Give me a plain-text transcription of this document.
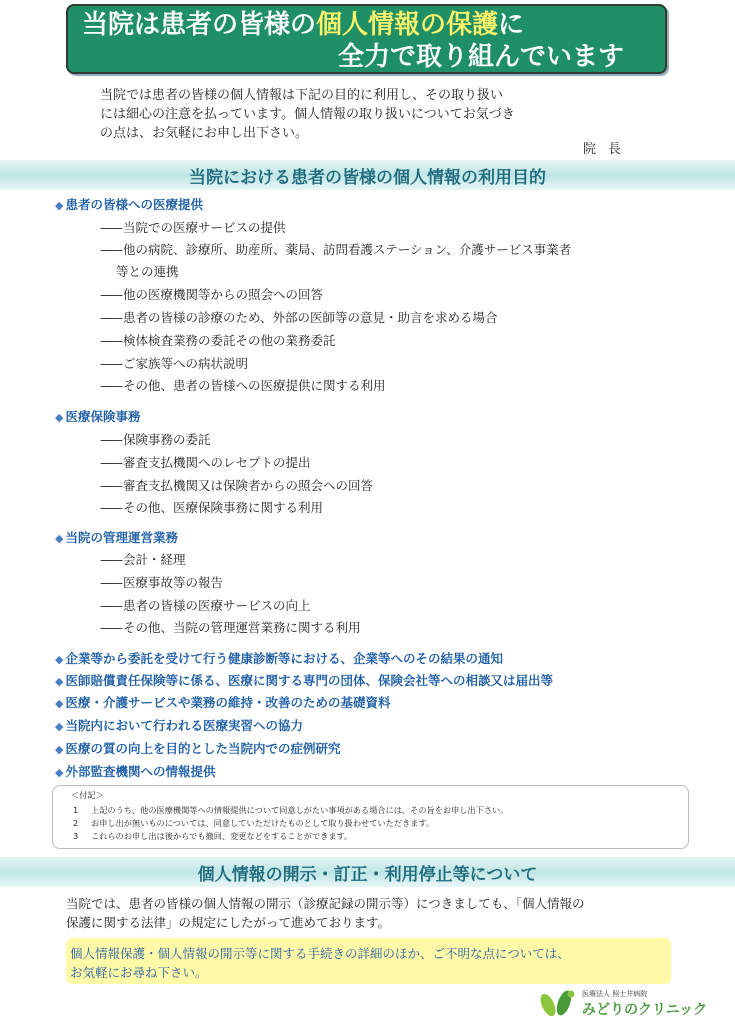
当院は患者の皆様の個人情報の保護に
全力で取り組んでいます

当院では患者の皆様の個人情報は下記の目的に利用し、その取り扱い

には細心の注意を払っています。個人情報の取り扱いについてお気づき

の点は、お気軽にお申し出下さい。

院長
当院における患者の皆様の個人情報の利用目的
◆ 患者の皆様への医療提供
—— 当院での医療サービスの提供
—— 他の病院、診療所、助産所、薬局、訪問看護ステーション、介護サービス事業者
等との連携
—— 他の医療機関等からの照会への回答
—— 患者の皆様の診療のため、外部の医師等の意見・助言を求める場合
—— 検体検査業務の委託その他の業務委託
—— ご家族等への病状説明
—— その他、患者の皆様への医療提供に関する利用
◆ 医療保険事務
—— 保険事務の委託
—— 審査支払機関へのレセプトの提出
—— 審査支払機関又は保険者からの照会への回答
—— その他、医療保険事務に関する利用
◆ 当院の管理運営業務
—— 会計・経理
—— 医療事故等の報告
—— 患者の皆様の医療サービスの向上
—— その他、当院の管理運営業務に関する利用
◆ 企業等から委託を受けて行う健康診断等における、企業等へのその結果の通知
◆ 医師賠償責任保険等に係る、医療に関する専門の団体、保険会社等への相談又は届出等
◆ 医療・介護サービスや業務の維持・改善のための基礎資料
◆ 当院内において行われる医療実習への協力
◆ 医療の質の向上を目的とした当院内での症例研究
◆ 外部監査機関への情報提供
＜付記＞
1 上記のうち、他の医療機関等への情報提供について同意しがたい事項がある場合には、その旨をお申し出下さい。
2 お申し出が無いものについては、同意していただけたものとして取り扱わせていただきます。
3 これらのお申し出は後からでも撤回、変更などをすることができます。
個人情報の開示・訂正・利用停止等について
当院では、患者の皆様の個人情報の開示（診療記録の開示等）につきましても、「個人情報の
保護に関する法律」の規定にしたがって進めております。
個人情報保護・個人情報の開示等に関する手続きの詳細のほか、ご不明な点については、
お気軽にお尋ね下さい。
医療法人 照士井病院
みどりのクリニック
